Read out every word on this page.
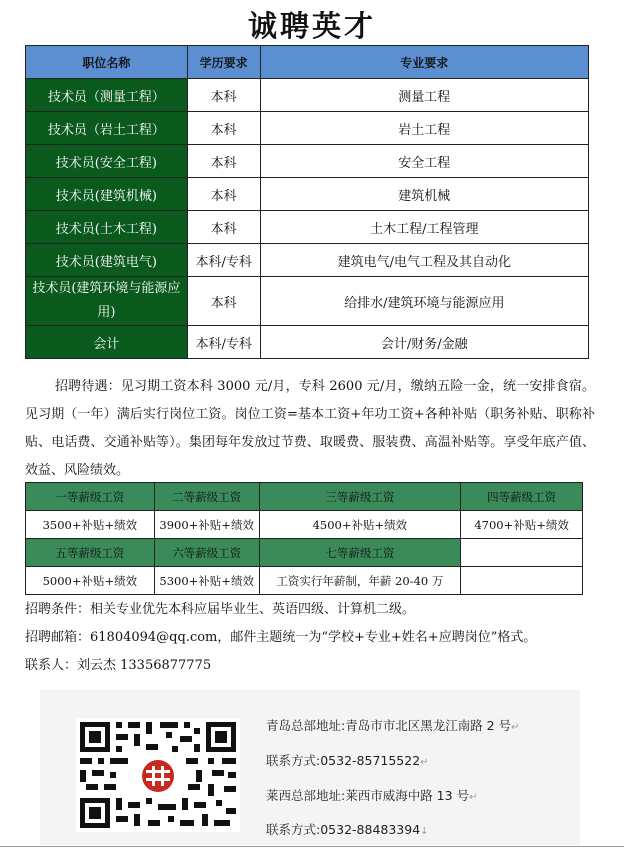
诚聘英才
职位名称	学历要求	专业要求
技术员（测量工程）	本科	测量工程
技术员（岩土工程）	本科	岩土工程
技术员(安全工程)	本科	安全工程
技术员(建筑机械)	本科	建筑机械
技术员(土木工程)	本科	土木工程/工程管理
技术员(建筑电气)	本科/专科	建筑电气/电气工程及其自动化
技术员(建筑环境与能源应用)	本科	给排水/建筑环境与能源应用
会计	本科/专科	会计/财务/金融
招聘待遇：见习期工资本科 3000 元/月，专科 2600 元/月，缴纳五险一金，统一安排食宿。见习期（一年）满后实行岗位工资。岗位工资=基本工资+年功工资+各种补贴（职务补贴、职称补贴、电话费、交通补贴等）。集团每年发放过节费、取暖费、服装费、高温补贴等。享受年底产值、效益、风险绩效。
一等薪级工资	二等薪级工资	三等薪级工资	四等薪级工资
3500+补贴+绩效	3900+补贴+绩效	4500+补贴+绩效	4700+补贴+绩效
五等薪级工资	六等薪级工资	七等薪级工资	
5000+补贴+绩效	5300+补贴+绩效	工资实行年薪制，年薪 20-40 万	
招聘条件：相关专业优先本科应届毕业生、英语四级、计算机二级。
招聘邮箱：61804094@qq.com，邮件主题统一为“学校+专业+姓名+应聘岗位”格式。
联系人：刘云杰 13356877775
青岛总部地址:青岛市市北区黑龙江南路 2 号↵
联系方式:0532-85715522↵
莱西总部地址:莱西市威海中路 13 号↵
联系方式:0532-88483394↓
